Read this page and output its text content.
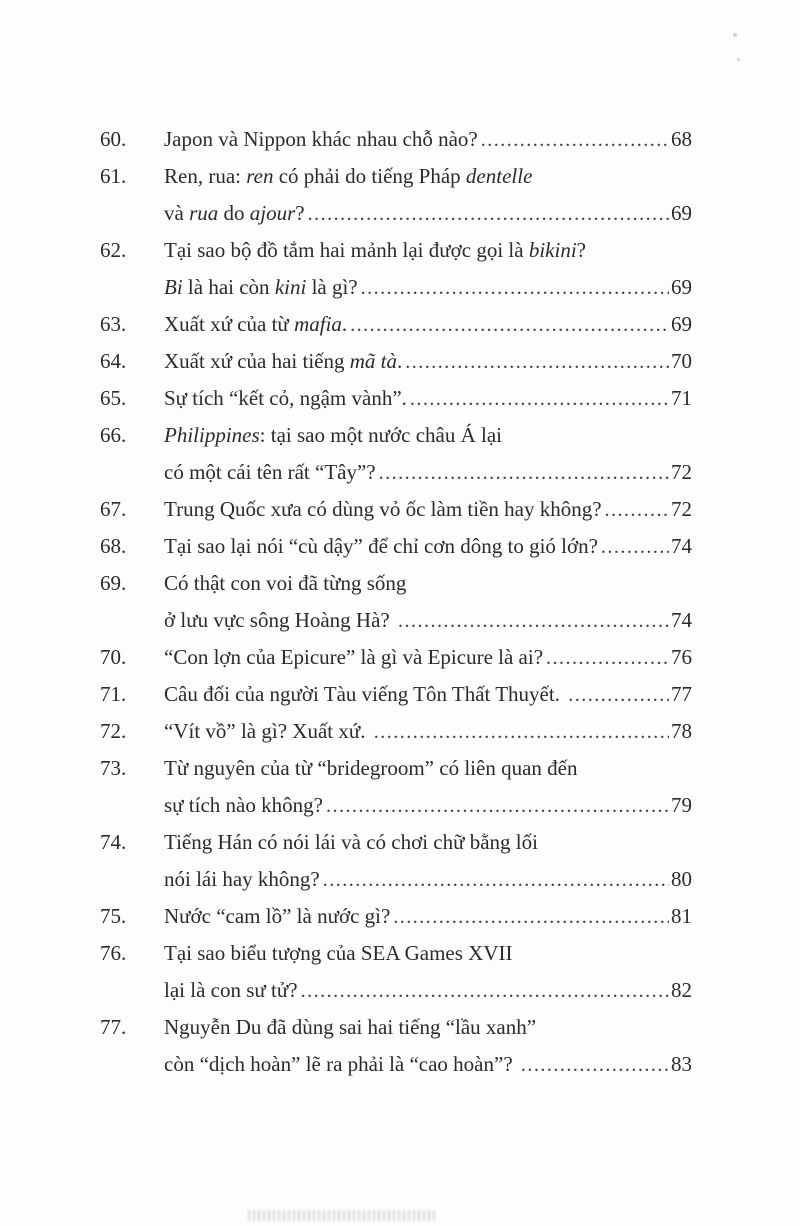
60.	Japon và Nippon khác nhau chỗ nào? .....	68
61.	Ren, rua: ren có phải do tiếng Pháp dentelle
và rua do ajour ? .....	69
62.	Tại sao bộ đồ tắm hai mảnh lại được gọi là bikini ?
Bi là hai còn kini là gì? .....	69
63.	Xuất xứ của từ mafia . .....	69
64.	Xuất xứ của hai tiếng mã tà . .....	70
65.	Sự tích “kết cỏ, ngậm vành”. .....	71
66.	Philippines : tại sao một nước châu Á lại
có một cái tên rất “Tây”? .....	72
67.	Trung Quốc xưa có dùng vỏ ốc làm tiền hay không? .....	72
68.	Tại sao lại nói “cù dậy” để chỉ cơn dông to gió lớn? .....	74
69.	Có thật con voi đã từng sống
ở lưu vực sông Hoàng Hà? .....	74
70.	“Con lợn của Epicure” là gì và Epicure là ai? .....	76
71.	Câu đối của người Tàu viếng Tôn Thất Thuyết. .....	77
72.	“Vít vồ” là gì? Xuất xứ. .....	78
73.	Từ nguyên của từ “bridegroom” có liên quan đến
sự tích nào không? .....	79
74.	Tiếng Hán có nói lái và có chơi chữ bằng lối
nói lái hay không? .....	80
75.	Nước “cam lồ” là nước gì? .....	81
76.	Tại sao biểu tượng của SEA Games XVII
lại là con sư tử? .....	82
77.	Nguyễn Du đã dùng sai hai tiếng “lầu xanh”
còn “dịch hoàn” lẽ ra phải là “cao hoàn”? .....	83
